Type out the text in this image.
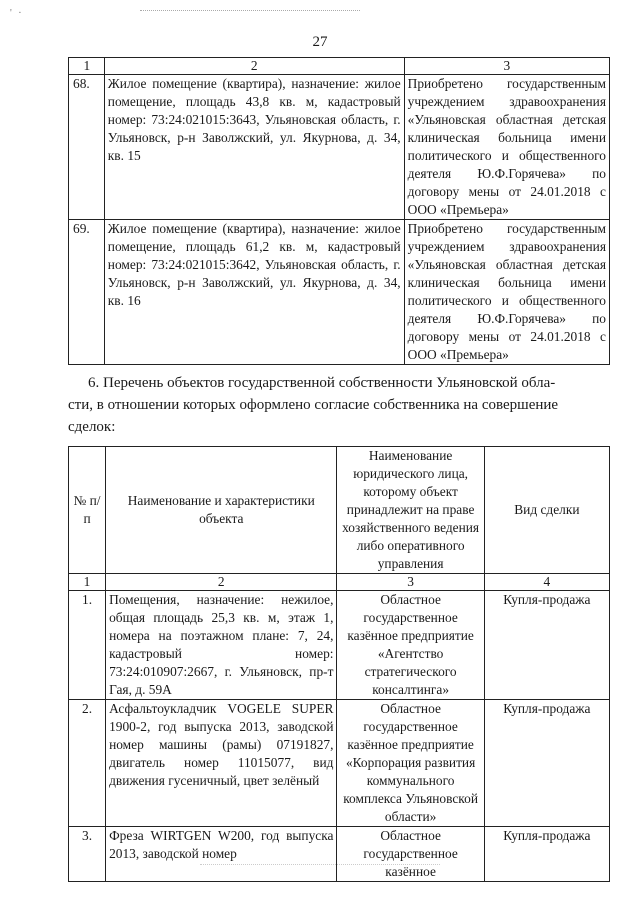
' ·
27
1	2	3
68.	Жилое помещение (квартира), назначение: жилое помещение, площадь 43,8 кв. м, кадастровый номер: 73:24:021015:3643, Ульяновская область, г. Ульяновск, р-н Заволжский, ул. Якурнова, д. 34, кв. 15	Приобретено государственным учреждением здравоохранения «Ульяновская областная детская клиническая больница имени политического и общественного деятеля Ю.Ф.Горячева» по договору мены от 24.01.2018 с ООО «Премьера»
69.	Жилое помещение (квартира), назначение: жилое помещение, площадь 61,2 кв. м, кадастровый номер: 73:24:021015:3642, Ульяновская область, г. Ульяновск, р-н Заволжский, ул. Якурнова, д. 34, кв. 16	Приобретено государственным учреждением здравоохранения «Ульяновская областная детская клиническая больница имени политического и общественного деятеля Ю.Ф.Горячева» по договору мены от 24.01.2018 с ООО «Премьера»
6. Перечень объектов государственной собственности Ульяновской обла-
сти, в отношении которых оформлено согласие собственника на совершение
сделок:
№ п/п	Наименование и характеристики объекта	Наименование юридического лица, которому объект принадлежит на праве хозяйственного ведения либо оперативного управления	Вид сделки
1	2	3	4
1.	Помещения, назначение: нежилое, общая площадь 25,3 кв. м, этаж 1, номера на поэтажном плане: 7, 24, кадастровый номер: 73:24:010907:2667, г. Ульяновск, пр-т Гая, д. 59А	Областное государственное казённое предприятие «Агентство стратегического консалтинга»	Купля-продажа
2.	Асфальтоукладчик VOGELE SUPER 1900-2, год выпуска 2013, заводской номер машины (рамы) 07191827, двигатель номер 11015077, вид движения гусеничный, цвет зелёный	Областное государственное казённое предприятие «Корпорация развития коммунального комплекса Ульяновской области»	Купля-продажа
3.	Фреза WIRTGEN W200, год выпуска 2013, заводской номер	Областное государственное казённое	Купля-продажа
